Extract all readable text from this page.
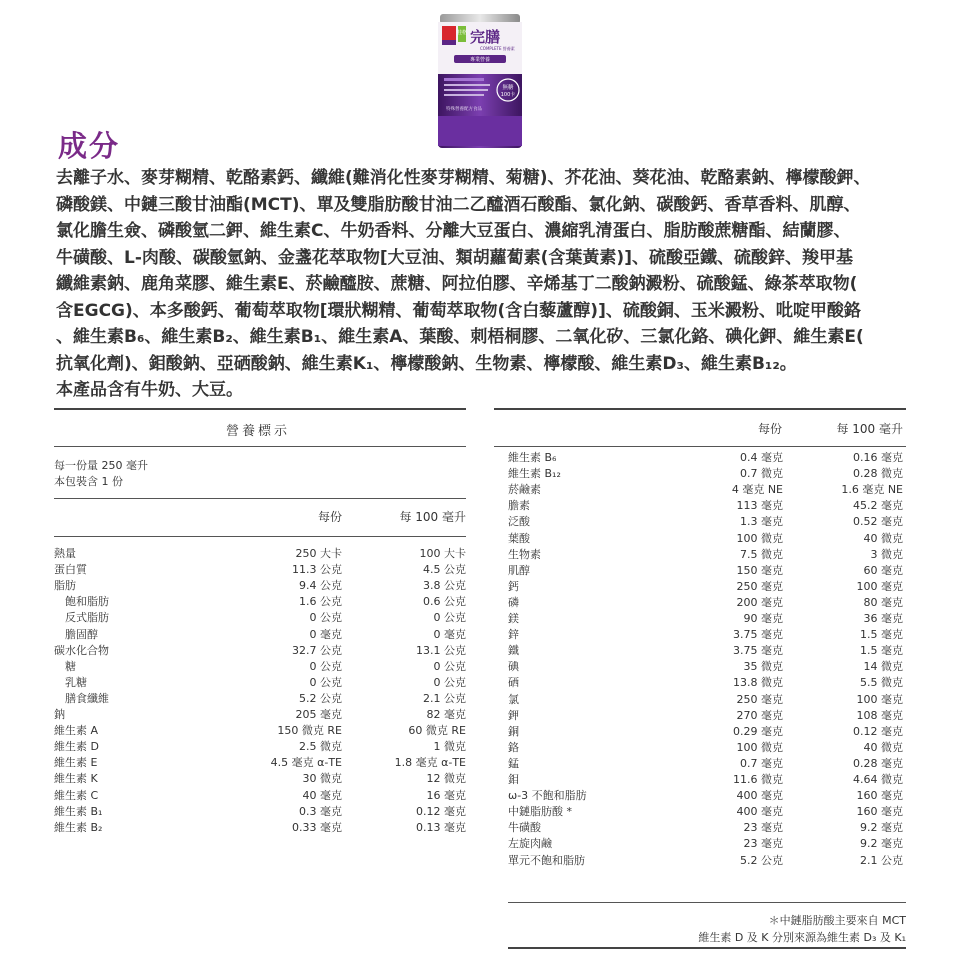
桂格 完膳
COMPLETE 營養素
專業營養
無糖
100卡
特殊營養配方食品
成分

去離子水、麥芽糊精、乾酪素鈣、纖維(難消化性麥芽糊精、菊糖)、芥花油、葵花油、乾酪素鈉、檸檬酸鉀、

磷酸鎂、中鏈三酸甘油酯(MCT)、單及雙脂肪酸甘油二乙醯酒石酸酯、氯化鈉、碳酸鈣、香草香料、肌醇、

氯化膽生僉、磷酸氫二鉀、維生素C、牛奶香料、分離大豆蛋白、濃縮乳清蛋白、脂肪酸蔗糖酯、結蘭膠、

牛磺酸、L-肉酸、碳酸氫鈉、金盞花萃取物[大豆油、類胡蘿蔔素(含葉黃素)]、硫酸亞鐵、硫酸鋅、羧甲基

纖維素鈉、鹿角菜膠、維生素E、菸鹼醯胺、蔗糖、阿拉伯膠、辛烯基丁二酸鈉澱粉、硫酸錳、綠茶萃取物(

含EGCG)、本多酸鈣、葡萄萃取物[環狀糊精、葡萄萃取物(含白藜蘆醇)]、硫酸銅、玉米澱粉、吡啶甲酸鉻

、維生素B₆、維生素B₂、維生素B₁、維生素A、葉酸、刺梧桐膠、二氧化矽、三氯化鉻、碘化鉀、維生素E(

抗氧化劑)、鉬酸鈉、亞硒酸鈉、維生素K₁、檸檬酸鈉、生物素、檸檬酸、維生素D₃、維生素B₁₂。

本產品含有牛奶、大豆。

營養標示
每一份量 250 毫升
本包裝含 1 份
每份	每 100 毫升
熱量	250 大卡	100 大卡
蛋白質	11.3 公克	4.5 公克
脂肪	9.4 公克	3.8 公克
　飽和脂肪	1.6 公克	0.6 公克
　反式脂肪	0 公克	0 公克
　膽固醇	0 毫克	0 毫克
碳水化合物	32.7 公克	13.1 公克
　糖	0 公克	0 公克
　乳糖	0 公克	0 公克
　膳食纖維	5.2 公克	2.1 公克
鈉	205 毫克	82 毫克
維生素 A	150 微克 RE	60 微克 RE
維生素 D	2.5 微克	1 微克
維生素 E	4.5 毫克 α-TE	1.8 毫克 α-TE
維生素 K	30 微克	12 微克
維生素 C	40 毫克	16 毫克
維生素 B₁	0.3 毫克	0.12 毫克
維生素 B₂	0.33 毫克	0.13 毫克
每份	每 100 毫升
維生素 B₆	0.4 毫克	0.16 毫克
維生素 B₁₂	0.7 微克	0.28 微克
菸鹼素	4 毫克 NE	1.6 毫克 NE
膽素	113 毫克	45.2 毫克
泛酸	1.3 毫克	0.52 毫克
葉酸	100 微克	40 微克
生物素	7.5 微克	3 微克
肌醇	150 毫克	60 毫克
鈣	250 毫克	100 毫克
磷	200 毫克	80 毫克
鎂	90 毫克	36 毫克
鋅	3.75 毫克	1.5 毫克
鐵	3.75 毫克	1.5 毫克
碘	35 微克	14 微克
硒	13.8 微克	5.5 微克
氯	250 毫克	100 毫克
鉀	270 毫克	108 毫克
銅	0.29 毫克	0.12 毫克
鉻	100 微克	40 微克
錳	0.7 毫克	0.28 毫克
鉬	11.6 微克	4.64 微克
ω-3 不飽和脂肪	400 毫克	160 毫克
中鏈脂肪酸 *	400 毫克	160 毫克
牛磺酸	23 毫克	9.2 毫克
左旋肉鹼	23 毫克	9.2 毫克
單元不飽和脂肪	5.2 公克	2.1 公克
＊中鏈脂肪酸主要來自 MCT
維生素 D 及 K 分別來源為維生素 D₃ 及 K₁
